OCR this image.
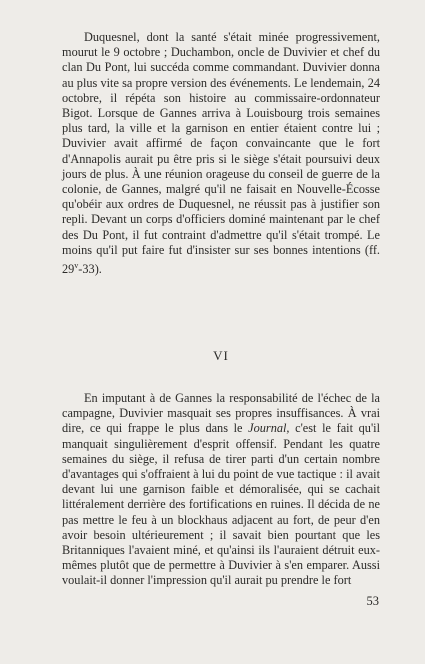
Duquesnel, dont la santé s'était minée progressivement, mourut le 9 octobre ; Duchambon, oncle de Duvivier et chef du clan Du Pont, lui succéda comme commandant. Duvivier donna au plus vite sa propre version des événements. Le lendemain, 24 octobre, il répéta son histoire au commissaire-ordonnateur Bigot. Lorsque de Gannes arriva à Louisbourg trois semaines plus tard, la ville et la garnison en entier étaient contre lui ; Duvivier avait affirmé de façon convaincante que le fort d'Annapolis aurait pu être pris si le siège s'était poursuivi deux jours de plus. À une réunion orageuse du conseil de guerre de la colonie, de Gannes, malgré qu'il ne faisait en Nouvelle-Écosse qu'obéir aux ordres de Duquesnel, ne réussit pas à justifier son repli. Devant un corps d'officiers dominé maintenant par le chef des Du Pont, il fut contraint d'admettre qu'il s'était trompé. Le moins qu'il put faire fut d'insister sur ses bonnes intentions (ff. 29$^v$-33).

VI

En imputant à de Gannes la responsabilité de l'échec de la campagne, Duvivier masquait ses propres insuffisances. À vrai dire, ce qui frappe le plus dans le Journal, c'est le fait qu'il manquait singulièrement d'esprit offensif. Pendant les quatre semaines du siège, il refusa de tirer parti d'un certain nombre d'avantages qui s'offraient à lui du point de vue tactique : il avait devant lui une garnison faible et démoralisée, qui se cachait littéralement derrière des fortifications en ruines. Il décida de ne pas mettre le feu à un blockhaus adjacent au fort, de peur d'en avoir besoin ultérieurement ; il savait bien pourtant que les Britanniques l'avaient miné, et qu'ainsi ils l'auraient détruit eux-mêmes plutôt que de permettre à Duvivier à s'en emparer. Aussi voulait-il donner l'impression qu'il aurait pu prendre le fort

53
